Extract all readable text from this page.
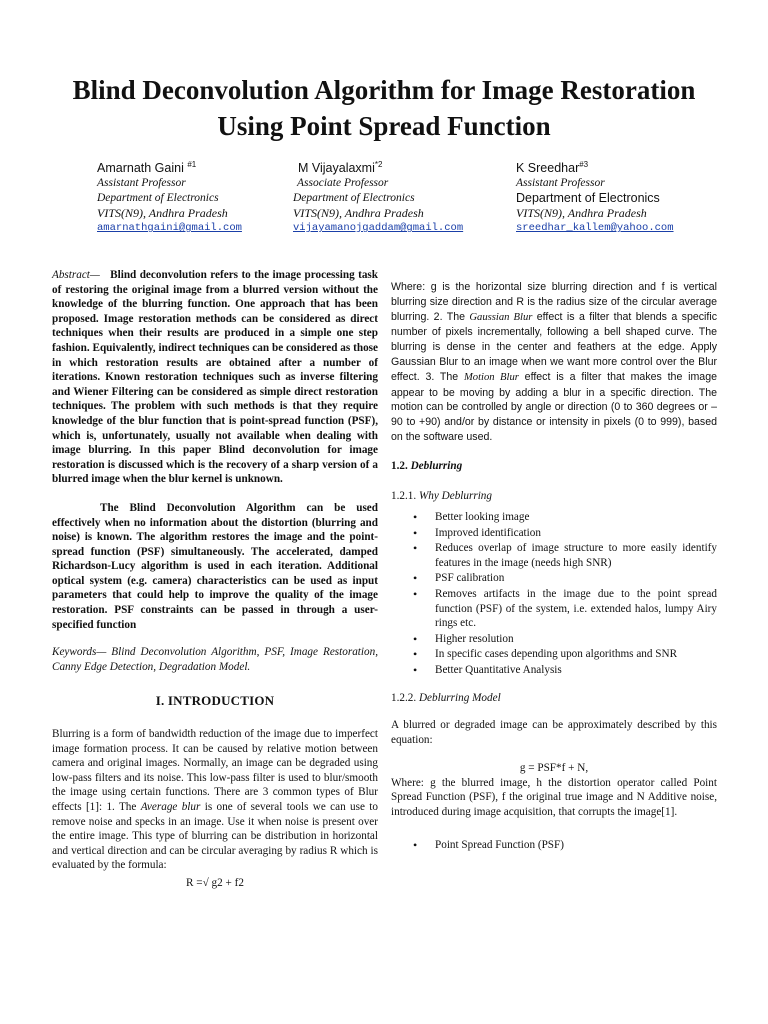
Blind Deconvolution Algorithm for Image Restoration Using Point Spread Function
Amarnath Gaini $^{\#1}$
Assistant Professor
Department of Electronics
VITS(N9), Andhra Pradesh
amarnathgaini@gmail.com
M Vijayalaxmi$^{*2}$
Associate Professor
Department of Electronics
VITS(N9), Andhra Pradesh
vijayamanojgaddam@gmail.com
K Sreedhar$^{\#3}$
Assistant Professor
Department of Electronics
VITS(N9), Andhra Pradesh
sreedhar_kallem@yahoo.com

Abstract— Blind deconvolution refers to the image processing task of restoring the original image from a blurred version without the knowledge of the blurring function. One approach that has been proposed. Image restoration methods can be considered as direct techniques when their results are produced in a simple one step fashion. Equivalently, indirect techniques can be considered as those in which restoration results are obtained after a number of iterations. Known restoration techniques such as inverse filtering and Wiener Filtering can be considered as simple direct restoration techniques. The problem with such methods is that they require knowledge of the blur function that is point-spread function (PSF), which is, unfortunately, usually not available when dealing with image blurring. In this paper Blind deconvolution for image restoration is discussed which is the recovery of a sharp version of a blurred image when the blur kernel is unknown.

The Blind Deconvolution Algorithm can be used effectively when no information about the distortion (blurring and noise) is known. The algorithm restores the image and the point-spread function (PSF) simultaneously. The accelerated, damped Richardson-Lucy algorithm is used in each iteration. Additional optical system (e.g. camera) characteristics can be used as input parameters that could help to improve the quality of the image restoration. PSF constraints can be passed in through a user-specified function

Keywords— Blind Deconvolution Algorithm, PSF, Image Restoration, Canny Edge Detection, Degradation Model.

I. INTRODUCTION

Blurring is a form of bandwidth reduction of the image due to imperfect image formation process. It can be caused by relative motion between camera and original images. Normally, an image can be degraded using low-pass filters and its noise. This low-pass filter is used to blur/smooth the image using certain functions. There are 3 common types of Blur effects [1]: 1. The Average blur is one of several tools we can use to remove noise and specks in an image. Use it when noise is present over the entire image. This type of blurring can be distribution in horizontal and vertical direction and can be circular averaging by radius R which is evaluated by the formula:

R =√ g2 + f2

Where: g is the horizontal size blurring direction and f is vertical blurring size direction and R is the radius size of the circular average blurring. 2. The Gaussian Blur effect is a filter that blends a specific number of pixels incrementally, following a bell shaped curve. The blurring is dense in the center and feathers at the edge. Apply Gaussian Blur to an image when we want more control over the Blur effect. 3. The Motion Blur effect is a filter that makes the image appear to be moving by adding a blur in a specific direction. The motion can be controlled by angle or direction (0 to 360 degrees or –90 to +90) and/or by distance or intensity in pixels (0 to 999), based on the software used.

1.2. Deblurring
1.2.1. Why Deblurring
• Better looking image
• Improved identification
• Reduces overlap of image structure to more easily identify features in the image (needs high SNR)
• PSF calibration
• Removes artifacts in the image due to the point spread function (PSF) of the system, i.e. extended halos, lumpy Airy rings etc.
• Higher resolution
• In specific cases depending upon algorithms and SNR
• Better Quantitative Analysis
1.2.2. Deblurring Model

A blurred or degraded image can be approximately described by this equation:

g = PSF*f + N,

Where: g the blurred image, h the distortion operator called Point Spread Function (PSF), f the original true image and N Additive noise, introduced during image acquisition, that corrupts the image[1].

• Point Spread Function (PSF)
